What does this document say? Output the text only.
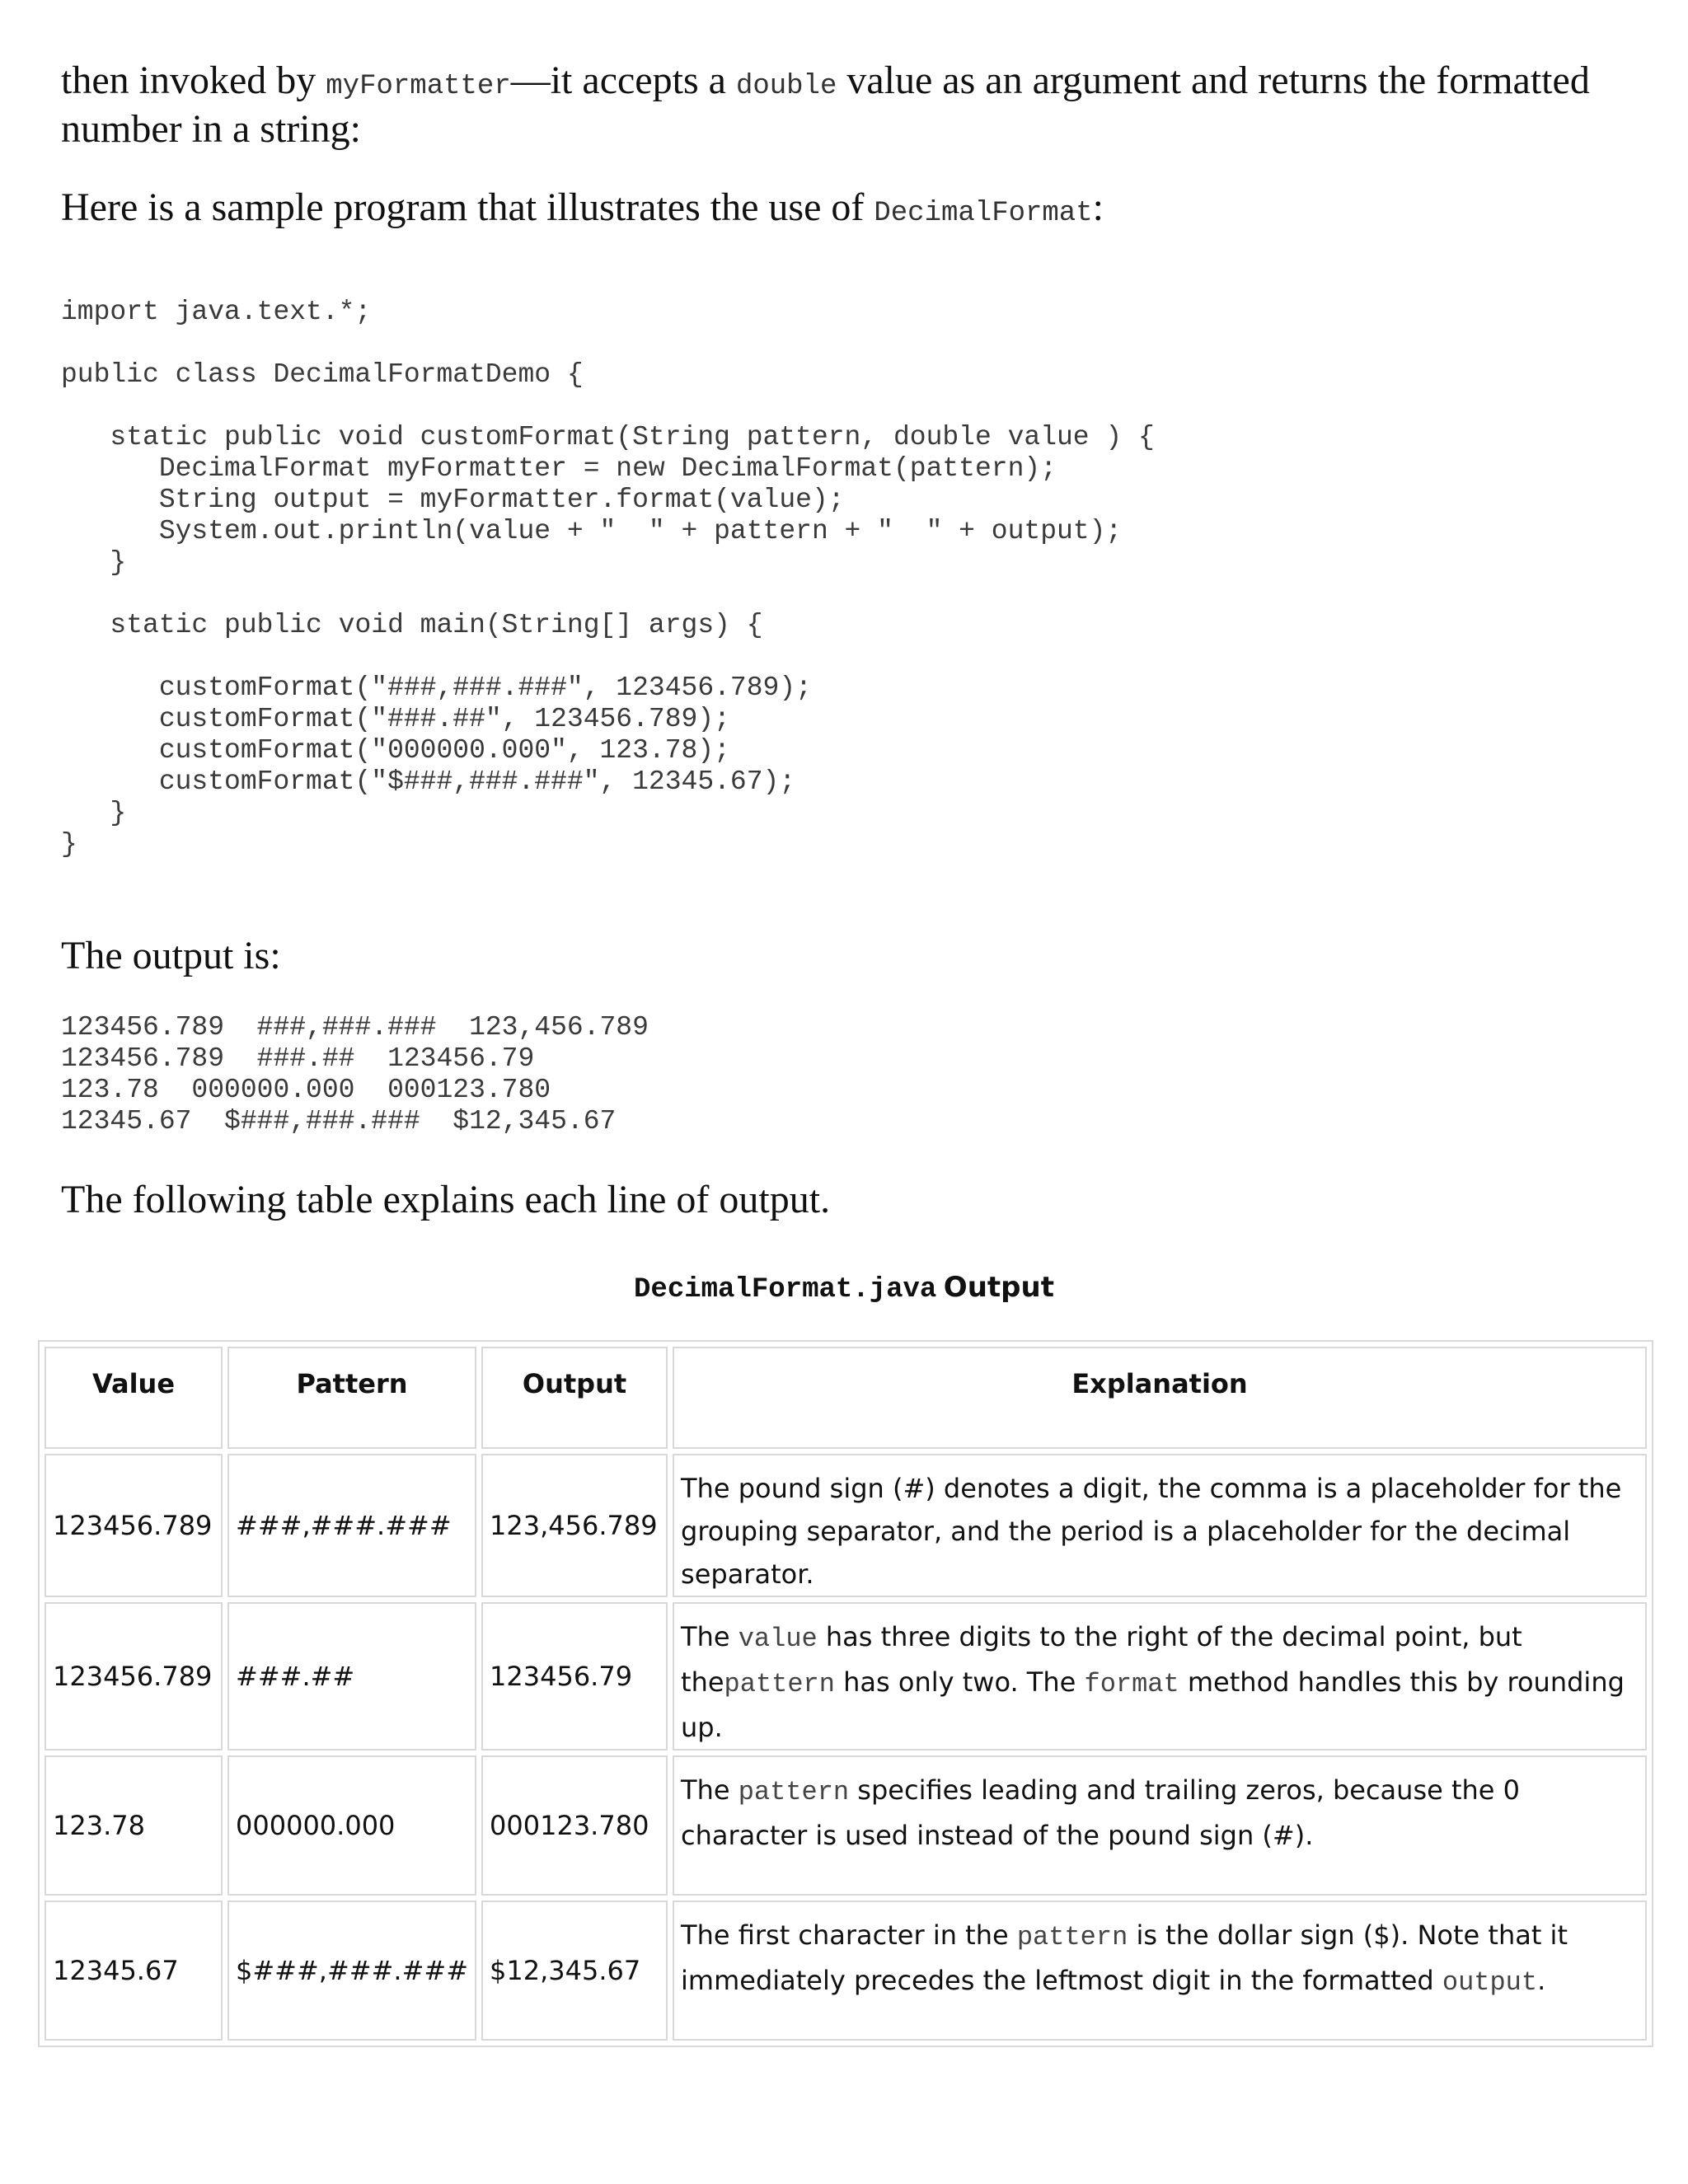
then invoked by myFormatter—it accepts a double value as an argument and returns the formatted
number in a string:
Here is a sample program that illustrates the use of DecimalFormat:
import java.text.*;

public class DecimalFormatDemo {

static public void customFormat(String pattern, double value ) {
DecimalFormat myFormatter = new DecimalFormat(pattern);
String output = myFormatter.format(value);
System.out.println(value + "  " + pattern + "  " + output);
}

static public void main(String[] args) {

customFormat("###,###.###", 123456.789);
customFormat("###.##", 123456.789);
customFormat("000000.000", 123.78);
customFormat("$###,###.###", 12345.67);
}
}
The output is:
123456.789  ###,###.###  123,456.789
123456.789  ###.##  123456.79
123.78  000000.000  000123.780
12345.67  $###,###.###  $12,345.67
The following table explains each line of output.
DecimalFormat.java Output
Value	Pattern	Output	Explanation
123456.789	###,###.###	123,456.789	The pound sign (#) denotes a digit, the comma is a placeholder for the grouping separator, and the period is a placeholder for the decimal separator.
123456.789	###.##	123456.79	The value has three digits to the right of the decimal point, but thepattern has only two. The format method handles this by rounding up.
123.78	000000.000	000123.780	The pattern specifies leading and trailing zeros, because the 0 character is used instead of the pound sign (#).
12345.67	$###,###.###	$12,345.67	The first character in the pattern is the dollar sign ($). Note that it immediately precedes the leftmost digit in the formatted output.
